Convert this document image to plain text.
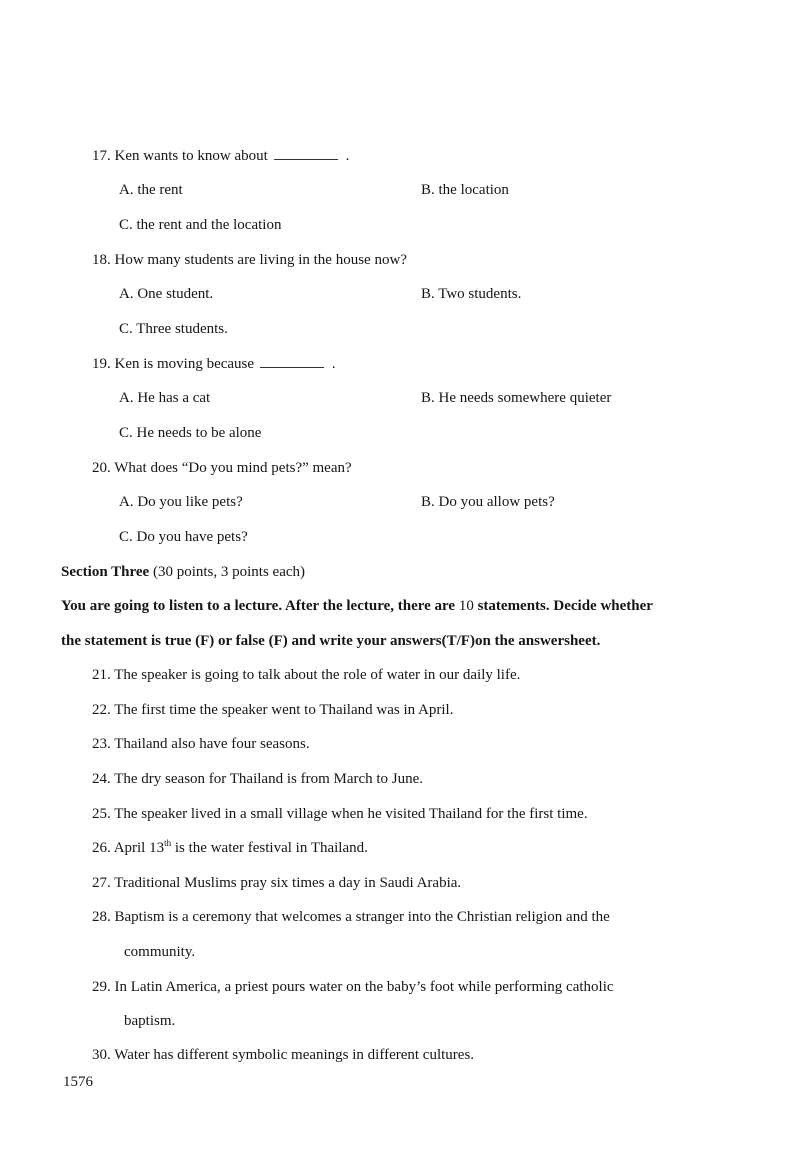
17. Ken wants to know about	.
A. the rent	B. the location
C. the rent and the location
18. How many students are living in the house now?
A. One student.	B. Two students.
C. Three students.
19. Ken is moving because	.
A. He has a cat	B. He needs somewhere quieter
C. He needs to be alone
20. What does “Do you mind pets?” mean?
A. Do you like pets?	B. Do you allow pets?
C. Do you have pets?
Section Three (30 points, 3 points each)
You are going to listen to a lecture. After the lecture, there are 10 statements. Decide whether
the statement is true (F) or false (F) and write your answers(T/F)on the answersheet.
21. The speaker is going to talk about the role of water in our daily life.
22. The first time the speaker went to Thailand was in April.
23. Thailand also have four seasons.
24. The dry season for Thailand is from March to June.
25. The speaker lived in a small village when he visited Thailand for the first time.
26. April 13th is the water festival in Thailand.
27. Traditional Muslims pray six times a day in Saudi Arabia.
28. Baptism is a ceremony that welcomes a stranger into the Christian religion and the
community.
29. In Latin America, a priest pours water on the baby’s foot while performing catholic
baptism.
30. Water has different symbolic meanings in different cultures.
1576
